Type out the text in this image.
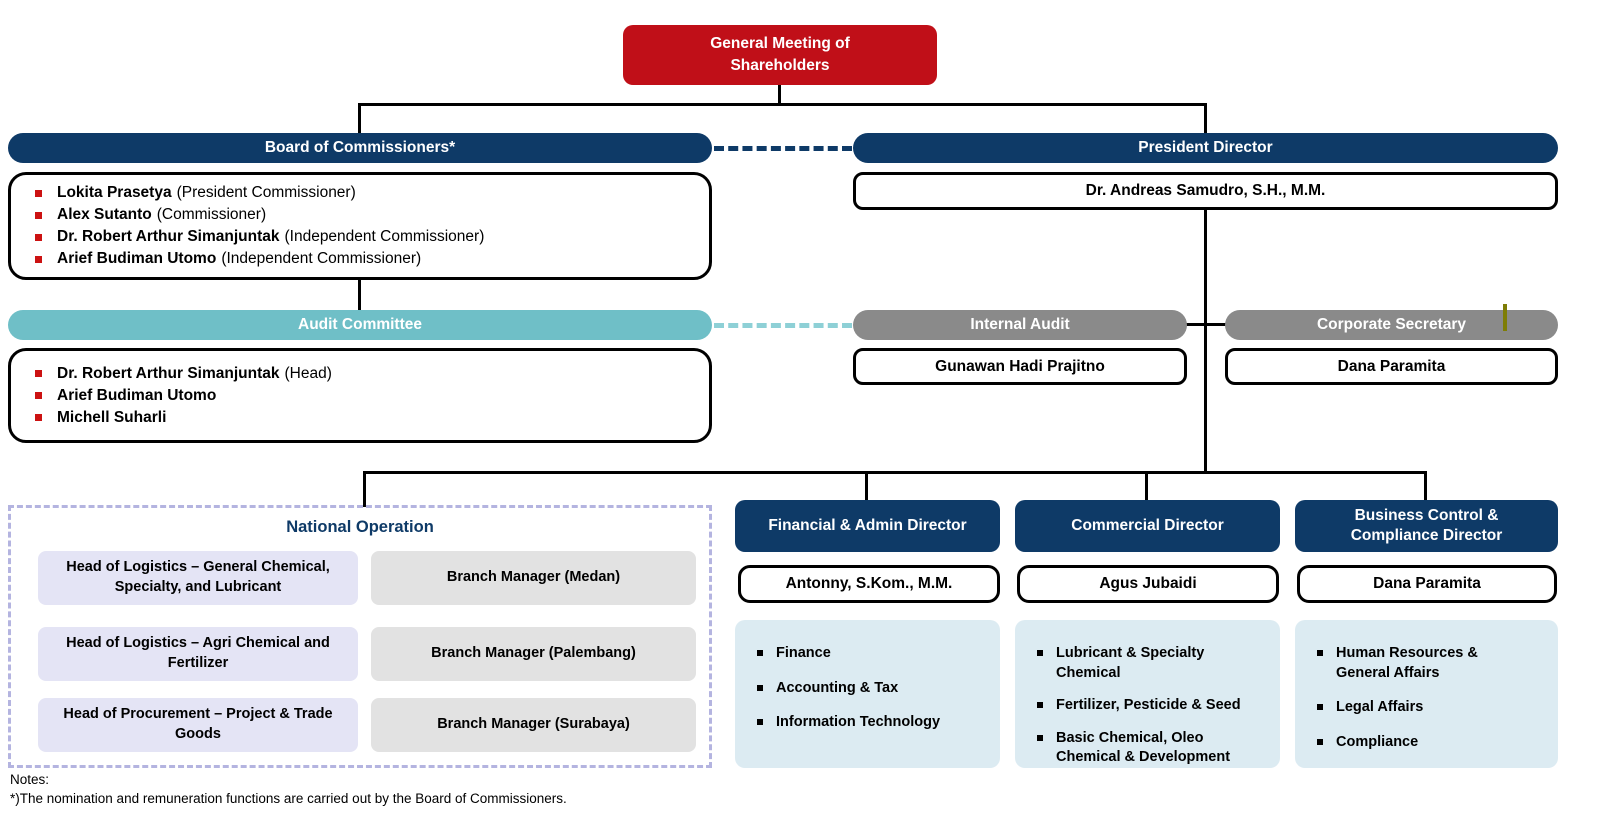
General Meeting of Shareholders
Board of Commissioners*
Lokita Prasetya (President Commissioner)
Alex Sutanto (Commissioner)
Dr. Robert Arthur Simanjuntak (Independent Commissioner)
Arief Budiman Utomo (Independent Commissioner)
President Director
Dr. Andreas Samudro, S.H., M.M.
Audit Committee
Dr. Robert Arthur Simanjuntak (Head)
Arief Budiman Utomo
Michell Suharli
Internal Audit
Gunawan Hadi Prajitno
Corporate Secretary
Dana Paramita
National Operation
Head of Logistics – General Chemical, Specialty, and Lubricant
Branch Manager (Medan)
Head of Logistics – Agri Chemical and Fertilizer
Branch Manager (Palembang)
Head of Procurement – Project & Trade Goods
Branch Manager (Surabaya)
Financial & Admin Director
Antonny, S.Kom., M.M.
Finance
Accounting & Tax
Information Technology
Commercial Director
Agus Jubaidi
Lubricant & Specialty Chemical
Fertilizer, Pesticide & Seed
Basic Chemical, Oleo Chemical & Development
Business Control & Compliance Director
Dana Paramita
Human Resources & General Affairs
Legal Affairs
Compliance
Notes:
*)The nomination and remuneration functions are carried out by the Board of Commissioners.
